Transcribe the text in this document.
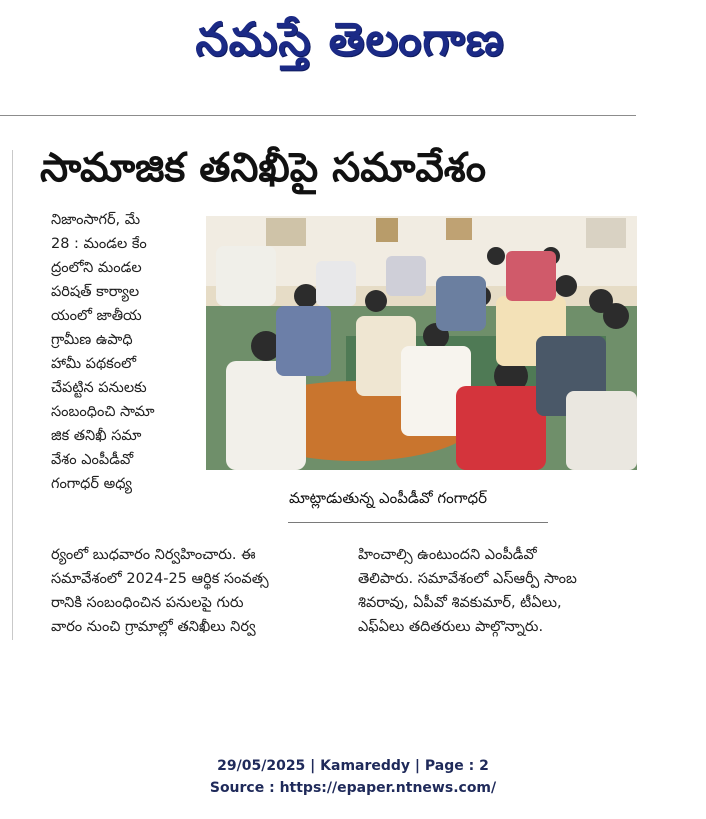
నమస్తే తెలంగాణ
సామాజిక తనిఖీపై సమావేశం
నిజాంసాగర్, మే
28 : మండల కేం
ద్రంలోని మండల
పరిషత్ కార్యాల
యంలో జాతీయ
గ్రామీణ ఉపాధి
హామీ పథకంలో
చేపట్టిన పనులకు
సంబంధించి సామా
జిక తనిఖీ సమా
వేశం ఎంపీడీవో
గంగాధర్ అధ్య
మాట్లాడుతున్న ఎంపీడీవో గంగాధర్
ర్యంలో బుధవారం నిర్వహించారు. ఈ
సమావేశంలో 2024-25 ఆర్థిక సంవత్స
రానికి సంబంధించిన పనులపై గురు
వారం నుంచి గ్రామాల్లో తనిఖీలు నిర్వ
హించాల్సి ఉంటుందని ఎంపీడీవో
తెలిపారు. సమావేశంలో ఎస్ఆర్పీ సాంబ
శివరావు, ఏపీవో శివకుమార్, టీఏలు,
ఎఫ్ఏలు తదితరులు పాల్గొన్నారు.
29/05/2025 | Kamareddy | Page : 2
Source : https://epaper.ntnews.com/
